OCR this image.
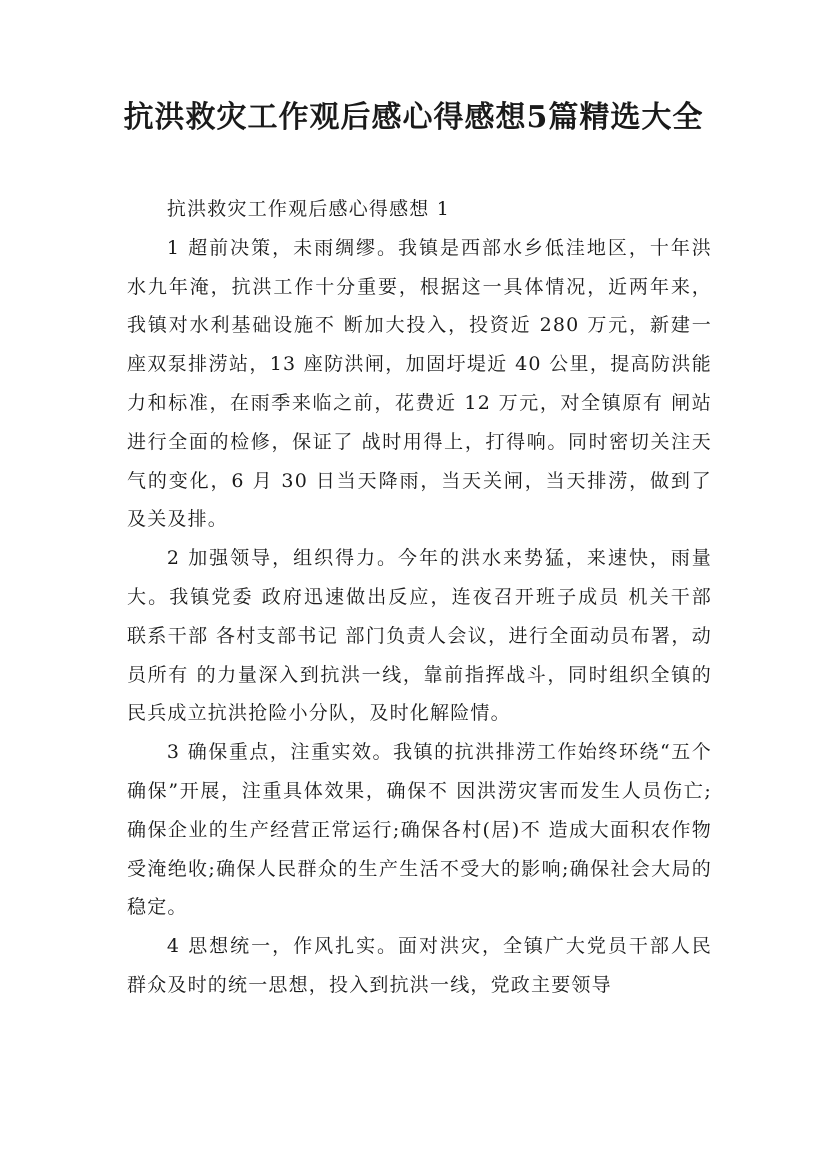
抗洪救灾工作观后感心得感想5篇精选大全

抗洪救灾工作观后感心得感想 1

1 超前决策，未雨绸缪。我镇是西部水乡低洼地区，十年洪水九年淹，抗洪工作十分重要，根据这一具体情况，近两年来，我镇对水利基础设施不 断加大投入，投资近 280 万元，新建一座双泵排涝站，13 座防洪闸，加固圩堤近 40 公里，提高防洪能力和标准，在雨季来临之前，花费近 12 万元，对全镇原有 闸站进行全面的检修，保证了 战时用得上，打得响。同时密切关注天气的变化，6 月 30 日当天降雨，当天关闸，当天排涝，做到了 及关及排。

2 加强领导，组织得力。今年的洪水来势猛，来速快，雨量大。我镇党委 政府迅速做出反应，连夜召开班子成员 机关干部 联系干部 各村支部书记 部门负责人会议，进行全面动员布署，动员所有 的力量深入到抗洪一线，靠前指挥战斗，同时组织全镇的民兵成立抗洪抢险小分队，及时化解险情。

3 确保重点，注重实效。我镇的抗洪排涝工作始终环绕“五个确保”开展，注重具体效果，确保不 因洪涝灾害而发生人员伤亡;确保企业的生产经营正常运行;确保各村(居)不 造成大面积农作物受淹绝收;确保人民群众的生产生活不受大的影响;确保社会大局的稳定。

4 思想统一，作风扎实。面对洪灾，全镇广大党员干部人民群众及时的统一思想，投入到抗洪一线，党政主要领导
